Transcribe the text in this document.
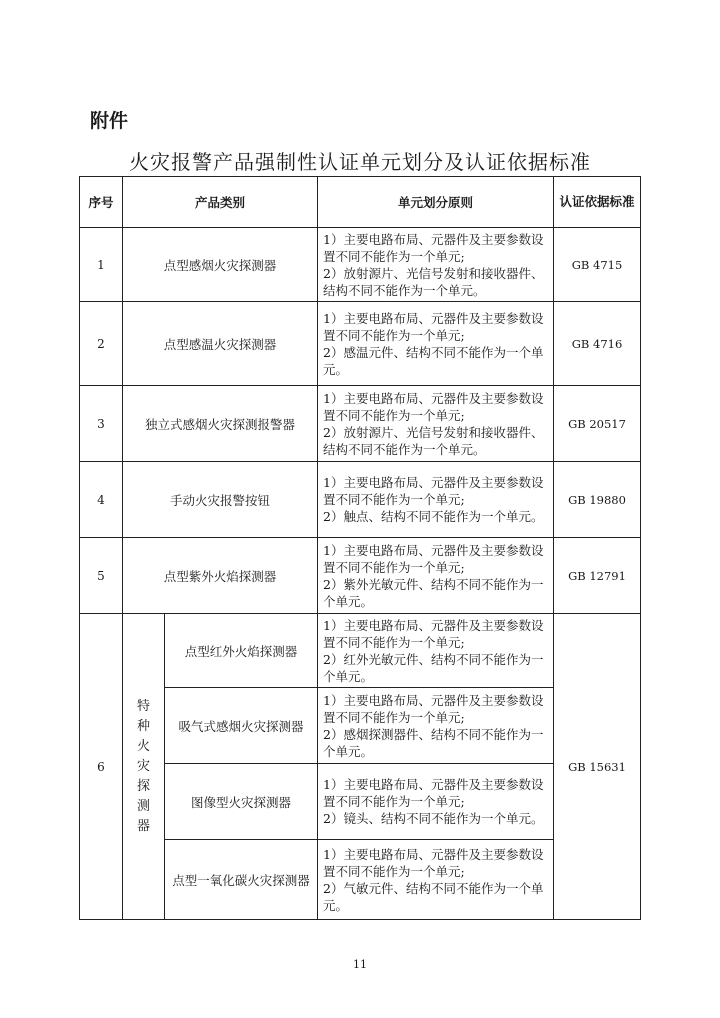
附件
火灾报警产品强制性认证单元划分及认证依据标准
序号	产品类别		单元划分原则	认证依据标准
1	点型感烟火灾探测器		1）主要电路布局、元器件及主要参数设置不同不能作为一个单元;
2）放射源片、光信号发射和接收器件、结构不同不能作为一个单元。	GB 4715
2	点型感温火灾探测器		1）主要电路布局、元器件及主要参数设置不同不能作为一个单元;
2）感温元件、结构不同不能作为一个单元。	GB 4716
3	独立式感烟火灾探测报警器		1）主要电路布局、元器件及主要参数设置不同不能作为一个单元;
2）放射源片、光信号发射和接收器件、结构不同不能作为一个单元。	GB 20517
4	手动火灾报警按钮		1）主要电路布局、元器件及主要参数设置不同不能作为一个单元;
2）触点、结构不同不能作为一个单元。	GB 19880
5	点型紫外火焰探测器		1）主要电路布局、元器件及主要参数设置不同不能作为一个单元;
2）紫外光敏元件、结构不同不能作为一个单元。	GB 12791
6	特种火灾探测器	点型红外火焰探测器	1）主要电路布局、元器件及主要参数设置不同不能作为一个单元;
2）红外光敏元件、结构不同不能作为一个单元。	GB 15631
		吸气式感烟火灾探测器	1）主要电路布局、元器件及主要参数设置不同不能作为一个单元;
2）感烟探测器件、结构不同不能作为一个单元。	
		图像型火灾探测器	1）主要电路布局、元器件及主要参数设置不同不能作为一个单元;
2）镜头、结构不同不能作为一个单元。	
		点型一氧化碳火灾探测器	1）主要电路布局、元器件及主要参数设置不同不能作为一个单元;
2）气敏元件、结构不同不能作为一个单元。	
11
